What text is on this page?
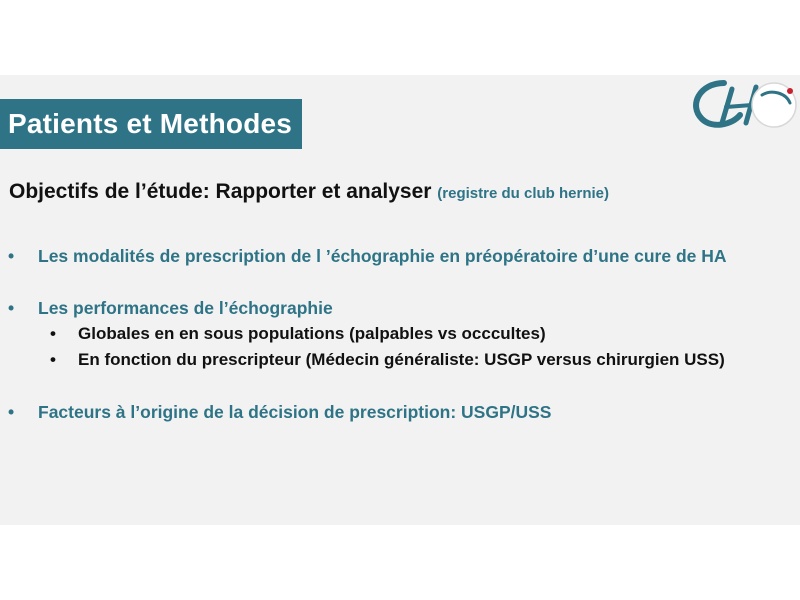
Patients et Methodes
Objectifs de l’étude: Rapporter et analyser (registre du club hernie)
• Les modalités de prescription de l ’échographie en préopératoire d’une cure de HA
• Les performances de l’échographie
• Globales en en sous populations (palpables vs occcultes)
• En fonction du prescripteur (Médecin généraliste: USGP versus chirurgien USS)
• Facteurs à l’origine de la décision de prescription: USGP/USS
